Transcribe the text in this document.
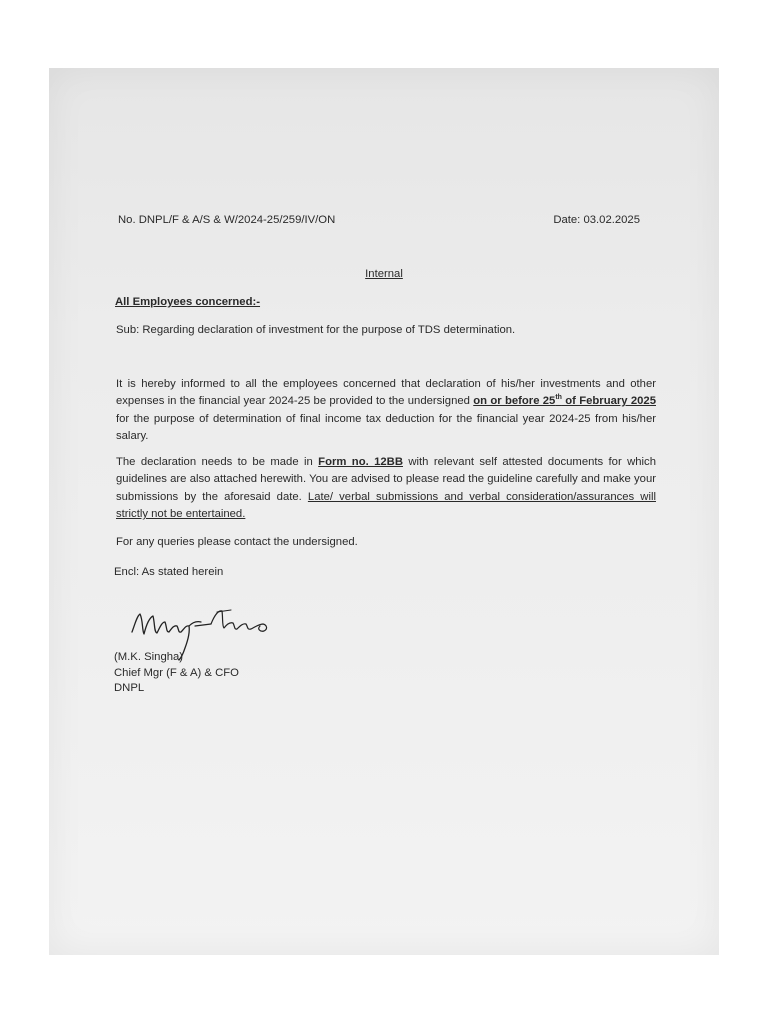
No. DNPL/F & A/S & W/2024-25/259/IV/ON	Date: 03.02.2025
Internal
All Employees concerned:-
Sub: Regarding declaration of investment for the purpose of TDS determination.
It is hereby informed to all the employees concerned that declaration of his/her investments and other expenses in the financial year 2024-25 be provided to the undersigned on or before 25th of February 2025 for the purpose of determination of final income tax deduction for the financial year 2024-25 from his/her salary.
The declaration needs to be made in Form no. 12BB with relevant self attested documents for which guidelines are also attached herewith. You are advised to please read the guideline carefully and make your submissions by the aforesaid date. Late/ verbal submissions and verbal consideration/assurances will strictly not be entertained.
For any queries please contact the undersigned.
Encl: As stated herein
(M.K. Singha)
Chief Mgr (F & A) & CFO
DNPL
